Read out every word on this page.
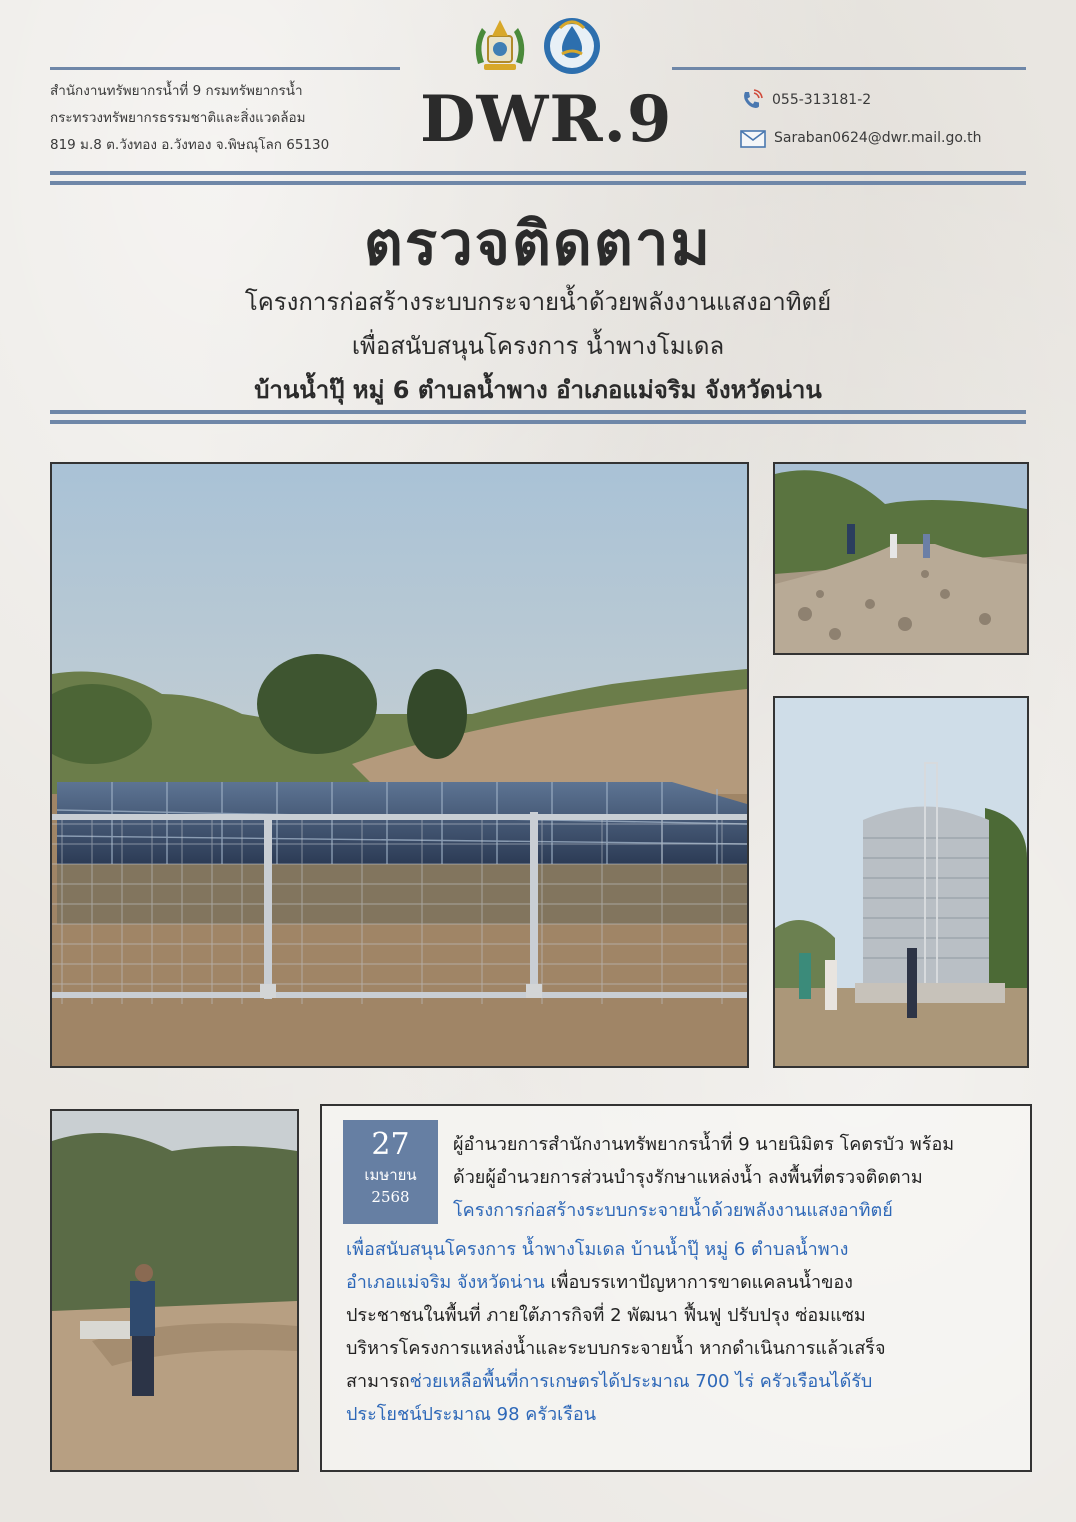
สำนักงานทรัพยากรน้ำที่ 9 กรมทรัพยากรน้ำ
กระทรวงทรัพยากรธรรมชาติและสิ่งแวดล้อม
819 ม.8 ต.วังทอง อ.วังทอง จ.พิษณุโลก 65130	DWR.9	055-313181-2
Saraban0624@dwr.mail.go.th
ตรวจติดตาม
โครงการก่อสร้างระบบกระจายน้ำด้วยพลังงานแสงอาทิตย์
เพื่อสนับสนุนโครงการ น้ำพางโมเดล
บ้านน้ำปุ๊ หมู่ 6 ตำบลน้ำพาง อำเภอแม่จริม จังหวัดน่าน
27
เมษายน
2568
ผู้อำนวยการสำนักงานทรัพยากรน้ำที่ 9 นายนิมิตร โคตรบัว พร้อม
ด้วยผู้อำนวยการส่วนบำรุงรักษาแหล่งน้ำ ลงพื้นที่ตรวจติดตาม
โครงการก่อสร้างระบบกระจายน้ำด้วยพลังงานแสงอาทิตย์
เพื่อสนับสนุนโครงการ น้ำพางโมเดล บ้านน้ำปุ๊ หมู่ 6 ตำบลน้ำพาง
อำเภอแม่จริม จังหวัดน่าน เพื่อบรรเทาปัญหาการขาดแคลนน้ำของ
ประชาชนในพื้นที่ ภายใต้ภารกิจที่ 2 พัฒนา ฟื้นฟู ปรับปรุง ซ่อมแซม
บริหารโครงการแหล่งน้ำและระบบกระจายน้ำ หากดำเนินการแล้วเสร็จ
สามารถช่วยเหลือพื้นที่การเกษตรได้ประมาณ 700 ไร่ ครัวเรือนได้รับ
ประโยชน์ประมาณ 98 ครัวเรือน
